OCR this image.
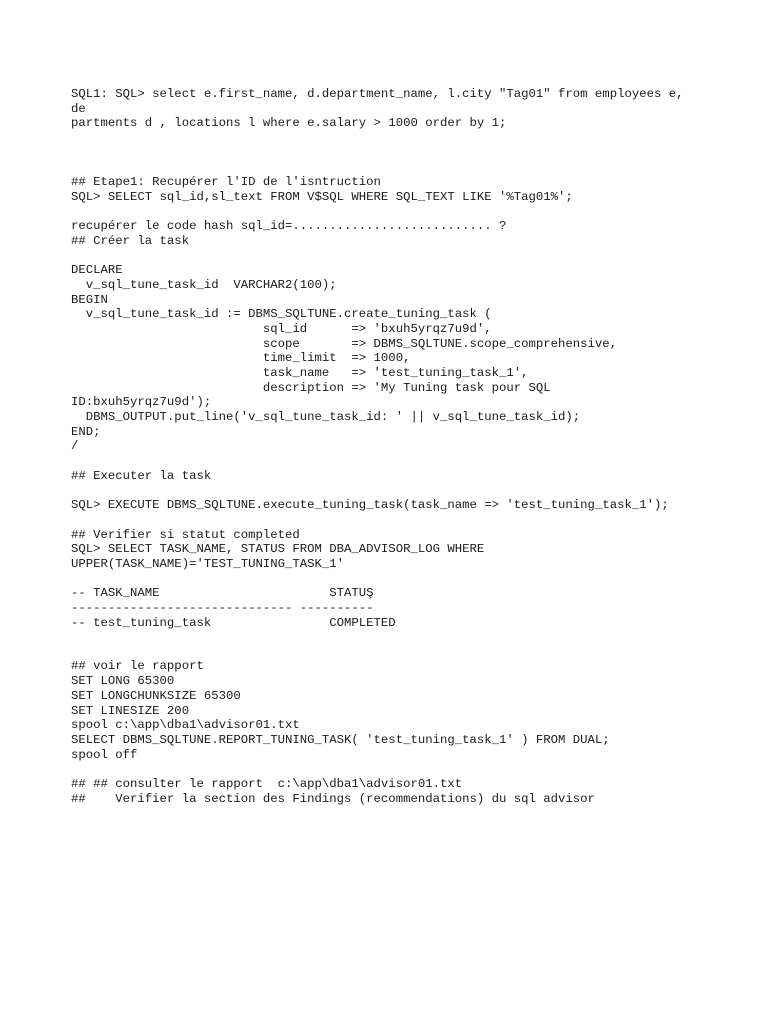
SQL1: SQL> select e.first_name, d.department_name, l.city "Tag01" from employees e,

de

partments d , locations l where e.salary > 1000 order by 1;

## Etape1: Recupérer l'ID de l'isntruction

SQL> SELECT sql_id,sl_text FROM V$SQL WHERE SQL_TEXT LIKE '%Tag01%';

recupérer le code hash sql_id=........................... ?

## Créer la task

DECLARE

v_sql_tune_task_id  VARCHAR2(100);

BEGIN

v_sql_tune_task_id := DBMS_SQLTUNE.create_tuning_task (

sql_id      => 'bxuh5yrqz7u9d',

scope       => DBMS_SQLTUNE.scope_comprehensive,

time_limit  => 1000,

task_name   => 'test_tuning_task_1',

description => 'My Tuning task pour SQL

ID:bxuh5yrqz7u9d');

DBMS_OUTPUT.put_line('v_sql_tune_task_id: ' || v_sql_tune_task_id);

END;

/

## Executer la task

SQL> EXECUTE DBMS_SQLTUNE.execute_tuning_task(task_name => 'test_tuning_task_1');

## Verifier si statut completed

SQL> SELECT TASK_NAME, STATUS FROM DBA_ADVISOR_LOG WHERE

UPPER(TASK_NAME)='TEST_TUNING_TASK_1'

-- TASK_NAME                       STATUŞ

------------------------------ ----------

-- test_tuning_task                COMPLETED

## voir le rapport

SET LONG 65300

SET LONGCHUNKSIZE 65300

SET LINESIZE 200

spool c:\app\dba1\advisor01.txt

SELECT DBMS_SQLTUNE.REPORT_TUNING_TASK( 'test_tuning_task_1' ) FROM DUAL;

spool off

## ## consulter le rapport  c:\app\dba1\advisor01.txt

##    Verifier la section des Findings (recommendations) du sql advisor
